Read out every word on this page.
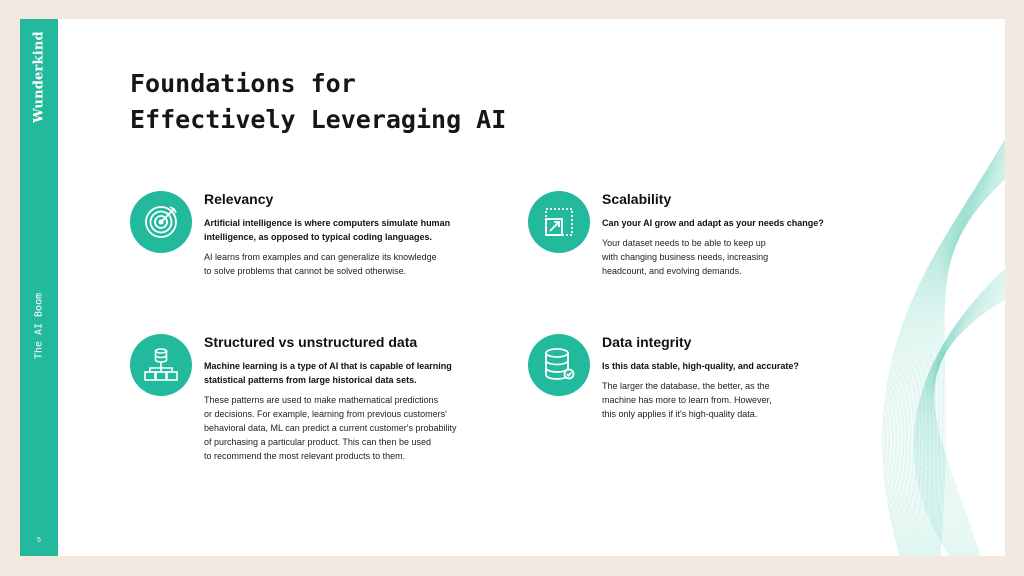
Wunderkind
The AI Boom
5
Foundations for
Effectively Leveraging AI
Relevancy

Artificial intelligence is where computers simulate human
intelligence, as opposed to typical coding languages.

AI learns from examples and can generalize its knowledge
to solve problems that cannot be solved otherwise.

Scalability

Can your AI grow and adapt as your needs change?

Your dataset needs to be able to keep up
with changing business needs, increasing
headcount, and evolving demands.

Structured vs unstructured data

Machine learning is a type of AI that is capable of learning
statistical patterns from large historical data sets.

These patterns are used to make mathematical predictions
or decisions. For example, learning from previous customers'
behavioral data, ML can predict a current customer's probability
of purchasing a particular product. This can then be used
to recommend the most relevant products to them.

Data integrity

Is this data stable, high-quality, and accurate?

The larger the database, the better, as the
machine has more to learn from. However,
this only applies if it's high-quality data.
